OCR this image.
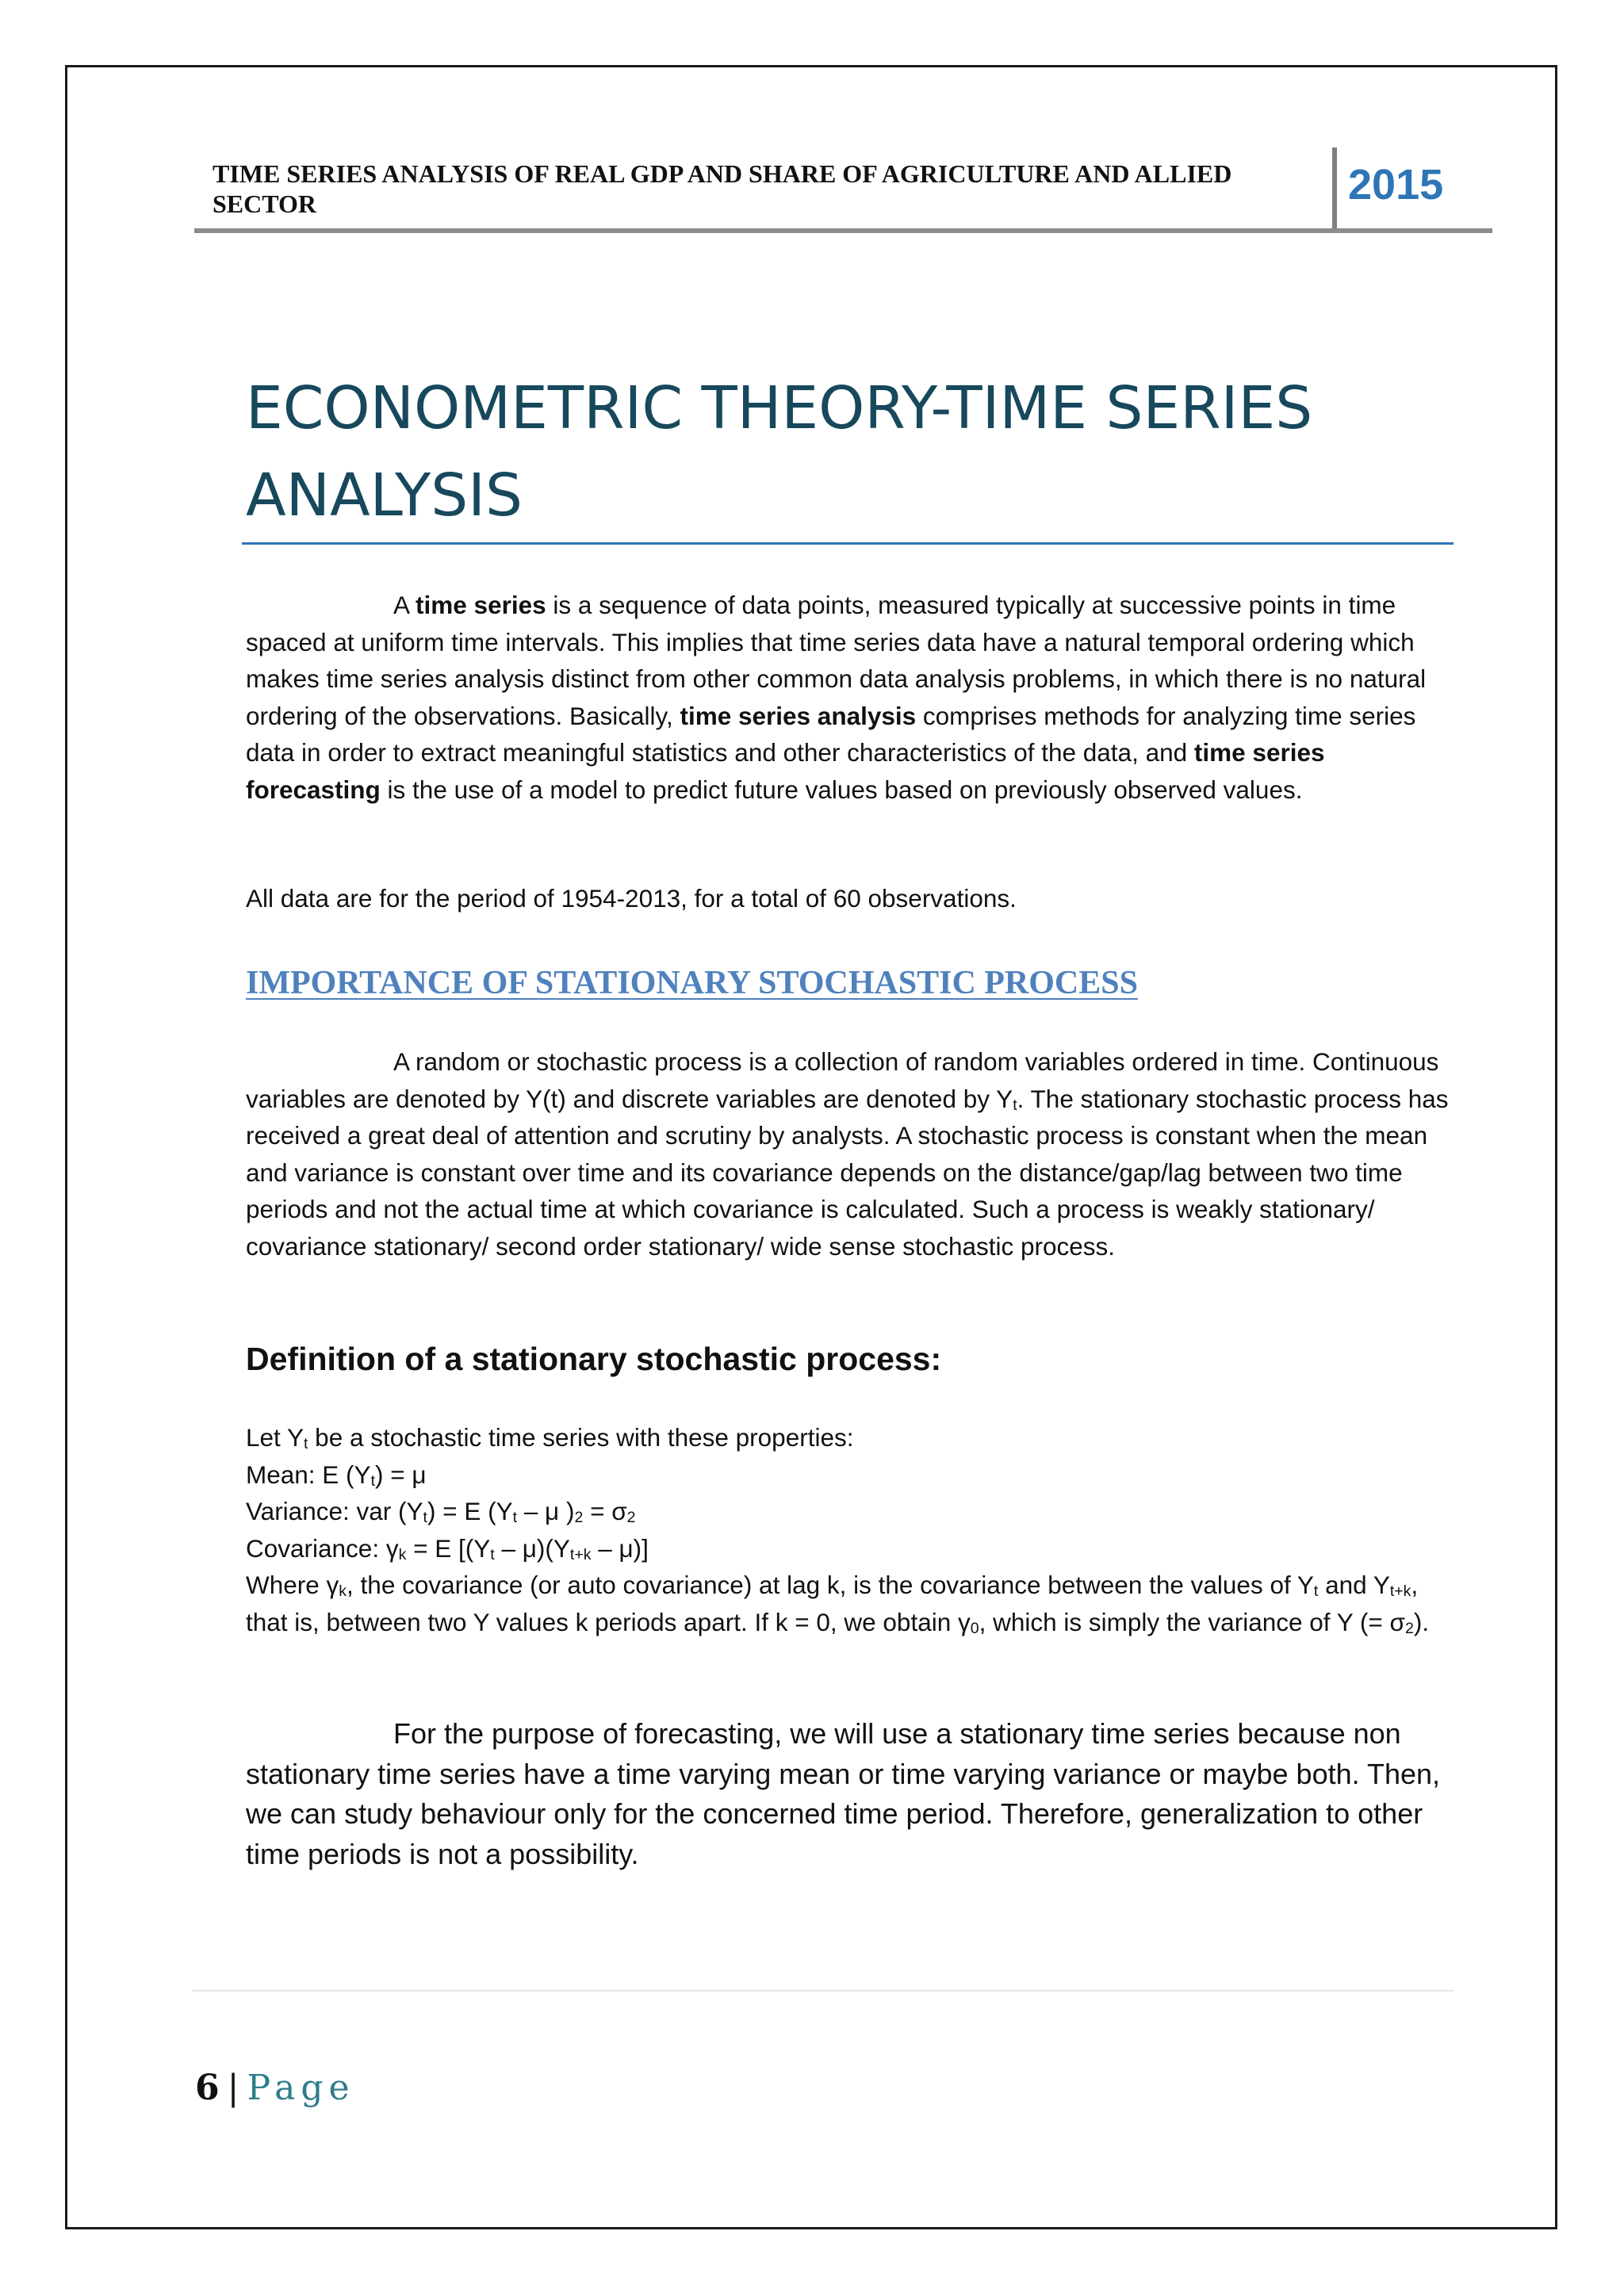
TIME SERIES ANALYSIS OF REAL GDP AND SHARE OF AGRICULTURE AND ALLIED SECTOR	2015
ECONOMETRIC THEORY-TIME SERIES ANALYSIS

A time series is a sequence of data points, measured typically at successive points in time spaced at uniform time intervals. This implies that time series data have a natural temporal ordering which makes time series analysis distinct from other common data analysis problems, in which there is no natural ordering of the observations. Basically, time series analysis comprises methods for analyzing time series data in order to extract meaningful statistics and other characteristics of the data, and time series forecasting is the use of a model to predict future values based on previously observed values.

All data are for the period of 1954-2013, for a total of 60 observations.

IMPORTANCE OF STATIONARY STOCHASTIC PROCESS

A random or stochastic process is a collection of random variables ordered in time. Continuous variables are denoted by Y(t) and discrete variables are denoted by $Y_t$. The stationary stochastic process has received a great deal of attention and scrutiny by analysts. A stochastic process is constant when the mean and variance is constant over time and its covariance depends on the distance/gap/lag between two time periods and not the actual time at which covariance is calculated. Such a process is weakly stationary/ covariance stationary/ second order stationary/ wide sense stochastic process.

Definition of a stationary stochastic process:
Let $Y_t$ be a stochastic time series with these properties:
Mean: E $(Y_t) = \mu$
Variance: var $(Y_t) = E$ ($Y_t$ – μ )2 = σ2
Covariance: $\gamma_k = E$ $[(Y_t - \mu)(Y_{t+k} - \mu)]$
Where $\gamma_k$, the covariance (or auto covariance) at lag k, is the covariance between the values of $Y_t$ and $Y_{t+k}$, that is, between two Y values k periods apart. If k = 0, we obtain $\gamma_0$, which is simply the variance of Y (= σ2).

For the purpose of forecasting, we will use a stationary time series because non stationary time series have a time varying mean or time varying variance or maybe both. Then, we can study behaviour only for the concerned time period. Therefore, generalization to other time periods is not a possibility.

6 | Page
